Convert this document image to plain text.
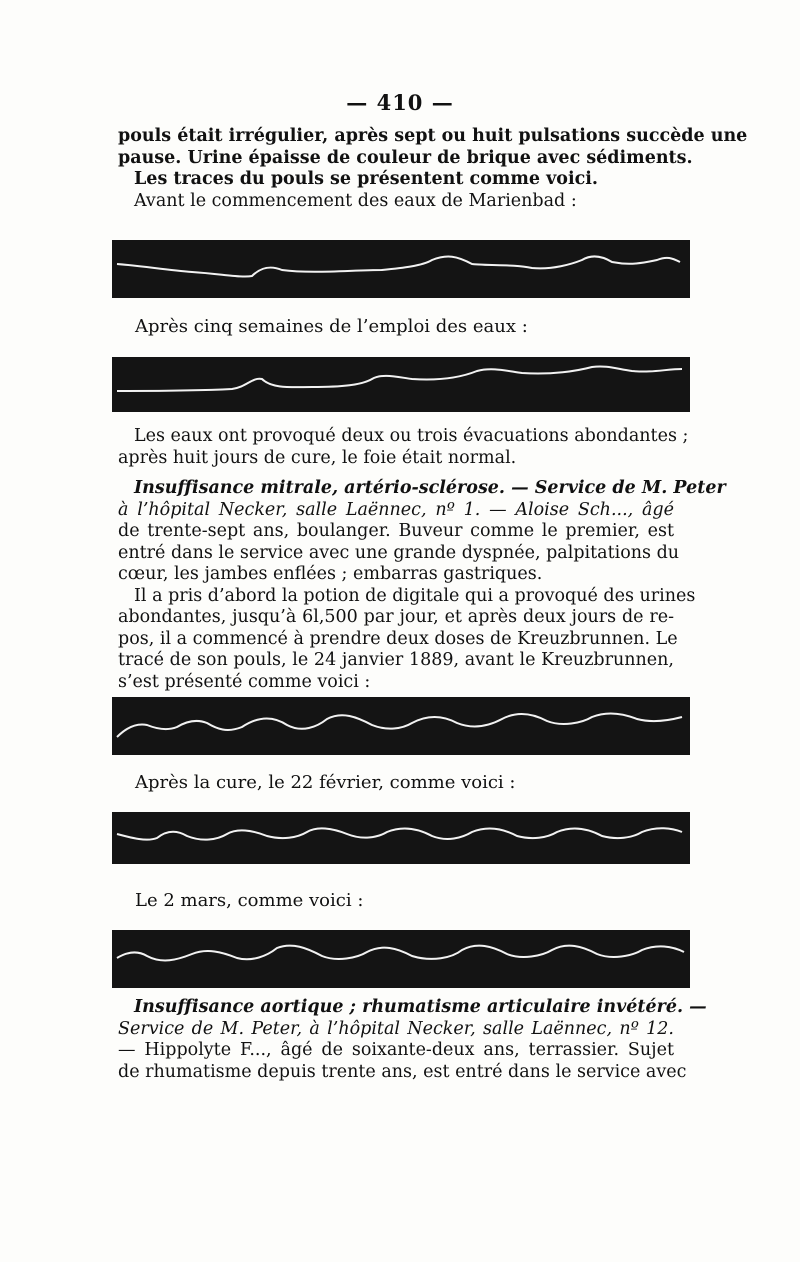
— 410 —
pouls était irrégulier, après sept ou huit pulsations succède une
pause. Urine épaisse de couleur de brique avec sédiments.
Les traces du pouls se présentent comme voici.
Avant le commencement des eaux de Marienbad :
Après cinq semaines de l’emploi des eaux :
Les eaux ont provoqué deux ou trois évacuations abondantes ;
après huit jours de cure, le foie était normal.
Insuffisance mitrale, artério-sclérose. — Service de M. Peter
à l’hôpital Necker, salle Laënnec, nº 1. — Aloise Sch..., âgé
de trente-sept ans, boulanger. Buveur comme le premier, est
entré dans le service avec une grande dyspnée, palpitations du
cœur, les jambes enflées ; embarras gastriques.
Il a pris d’abord la potion de digitale qui a provoqué des urines
abondantes, jusqu’à 6l,500 par jour, et après deux jours de re-
pos, il a commencé à prendre deux doses de Kreuzbrunnen. Le
tracé de son pouls, le 24 janvier 1889, avant le Kreuzbrunnen,
s’est présenté comme voici :
Après la cure, le 22 février, comme voici :
Le 2 mars, comme voici :
Insuffisance aortique ; rhumatisme articulaire invétéré. —
Service de M. Peter, à l’hôpital Necker, salle Laënnec, nº 12.
— Hippolyte F..., âgé de soixante-deux ans, terrassier. Sujet
de rhumatisme depuis trente ans, est entré dans le service avec
